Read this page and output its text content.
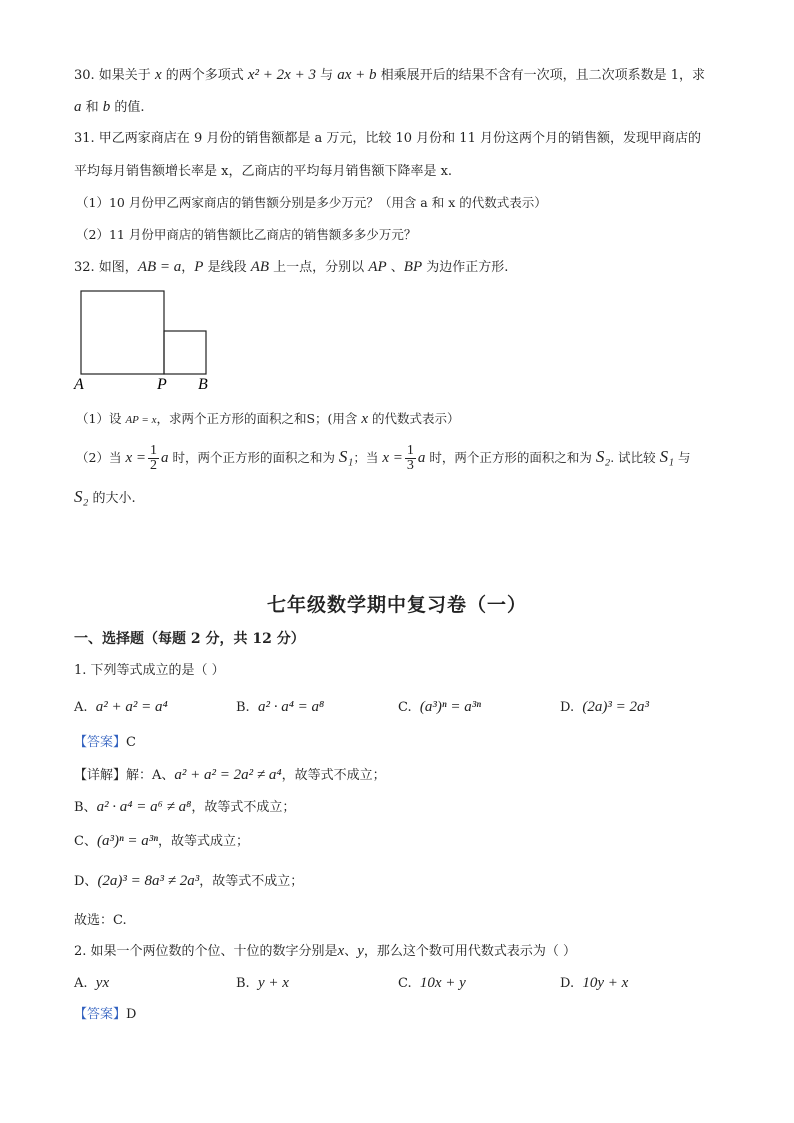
30. 如果关于 x 的两个多项式 x² + 2x + 3 与 ax + b 相乘展开后的结果不含有一次项，且二次项系数是 1，求
a 和 b 的值.
31. 甲乙两家商店在 9 月份的销售额都是 a 万元，比较 10 月份和 11 月份这两个月的销售额，发现甲商店的
平均每月销售额增长率是 x，乙商店的平均每月销售额下降率是 x.
（1）10 月份甲乙两家商店的销售额分别是多少万元？（用含 a 和 x 的代数式表示）
（2）11 月份甲商店的销售额比乙商店的销售额多多少万元？
32. 如图，AB = a，P 是线段 AB 上一点，分别以 AP 、BP 为边作正方形.
A	P B
（1）设 AP = x，求两个正方形的面积之和S；(用含 x 的代数式表示）
（2）当 $x = \frac{1}{2}$ a 时，两个正方形的面积之和为 S₁；当 $x = \frac{1}{3}$ a 时，两个正方形的面积之和为 S₂. 试比较 S₁ 与
S₂ 的大小.
七年级数学期中复习卷（一）
一、选择题（每题 2 分，共 12 分）
1. 下列等式成立的是（ ）
A. a² + a² = a⁴	B. a² · a⁴ = a⁸	C. (a³)ⁿ = a³ⁿ	D. (2a)³ = 2a³
【答案】C
【详解】解：A、a² + a² = 2a² ≠ a⁴，故等式不成立；
B、a² · a⁴ = a⁶ ≠ a⁸，故等式不成立；
C、(a³)ⁿ = a³ⁿ，故等式成立；
D、(2a)³ = 8a³ ≠ 2a³，故等式不成立；
故选：C.
2. 如果一个两位数的个位、十位的数字分别是x、y，那么这个数可用代数式表示为（ ）
A. yx	B. y + x	C. 10x + y	D. 10y + x
【答案】D
